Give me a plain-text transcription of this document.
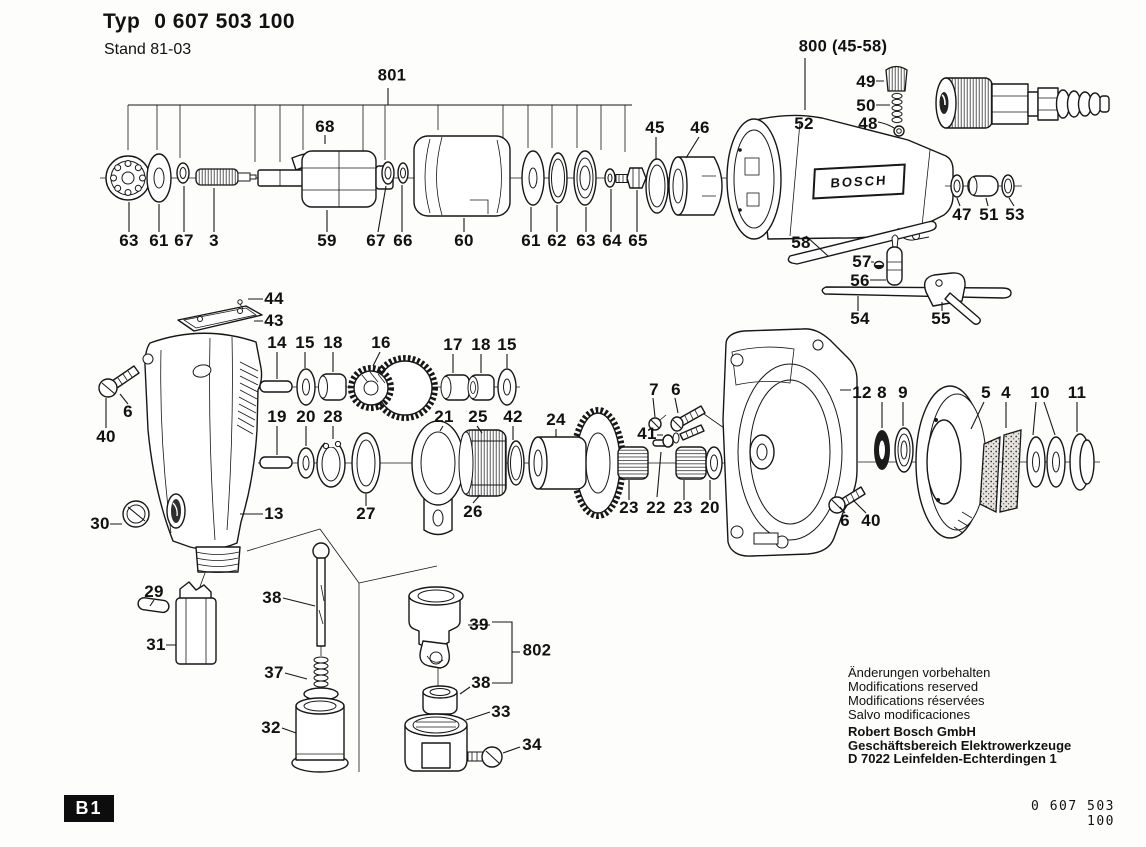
Typ 0 607 503 100
Stand 81-03
BOSCH
68
49
50
48
52
63 61 67 3	59 67 66 60	61 62 63 64 65
45 46
58
47 51 53
57
56
54	55
44
43
14 15 18 16	17 18 15
6
40
19 20 28	21 25 42 24
7 6
41
12 8 9	5 4 10 11
30
13	27	26	23 22 23 20
6 40
29
31
38
37
32
39
38
33
34
801
800 (45-58)
802
Änderungen vorbehalten
Modifications reserved
Modifications réservées
Salvo modificaciones
Robert Bosch GmbH
Geschäftsbereich Elektrowerkzeuge
D 7022 Leinfelden-Echterdingen 1
B1	0 607 503 100
